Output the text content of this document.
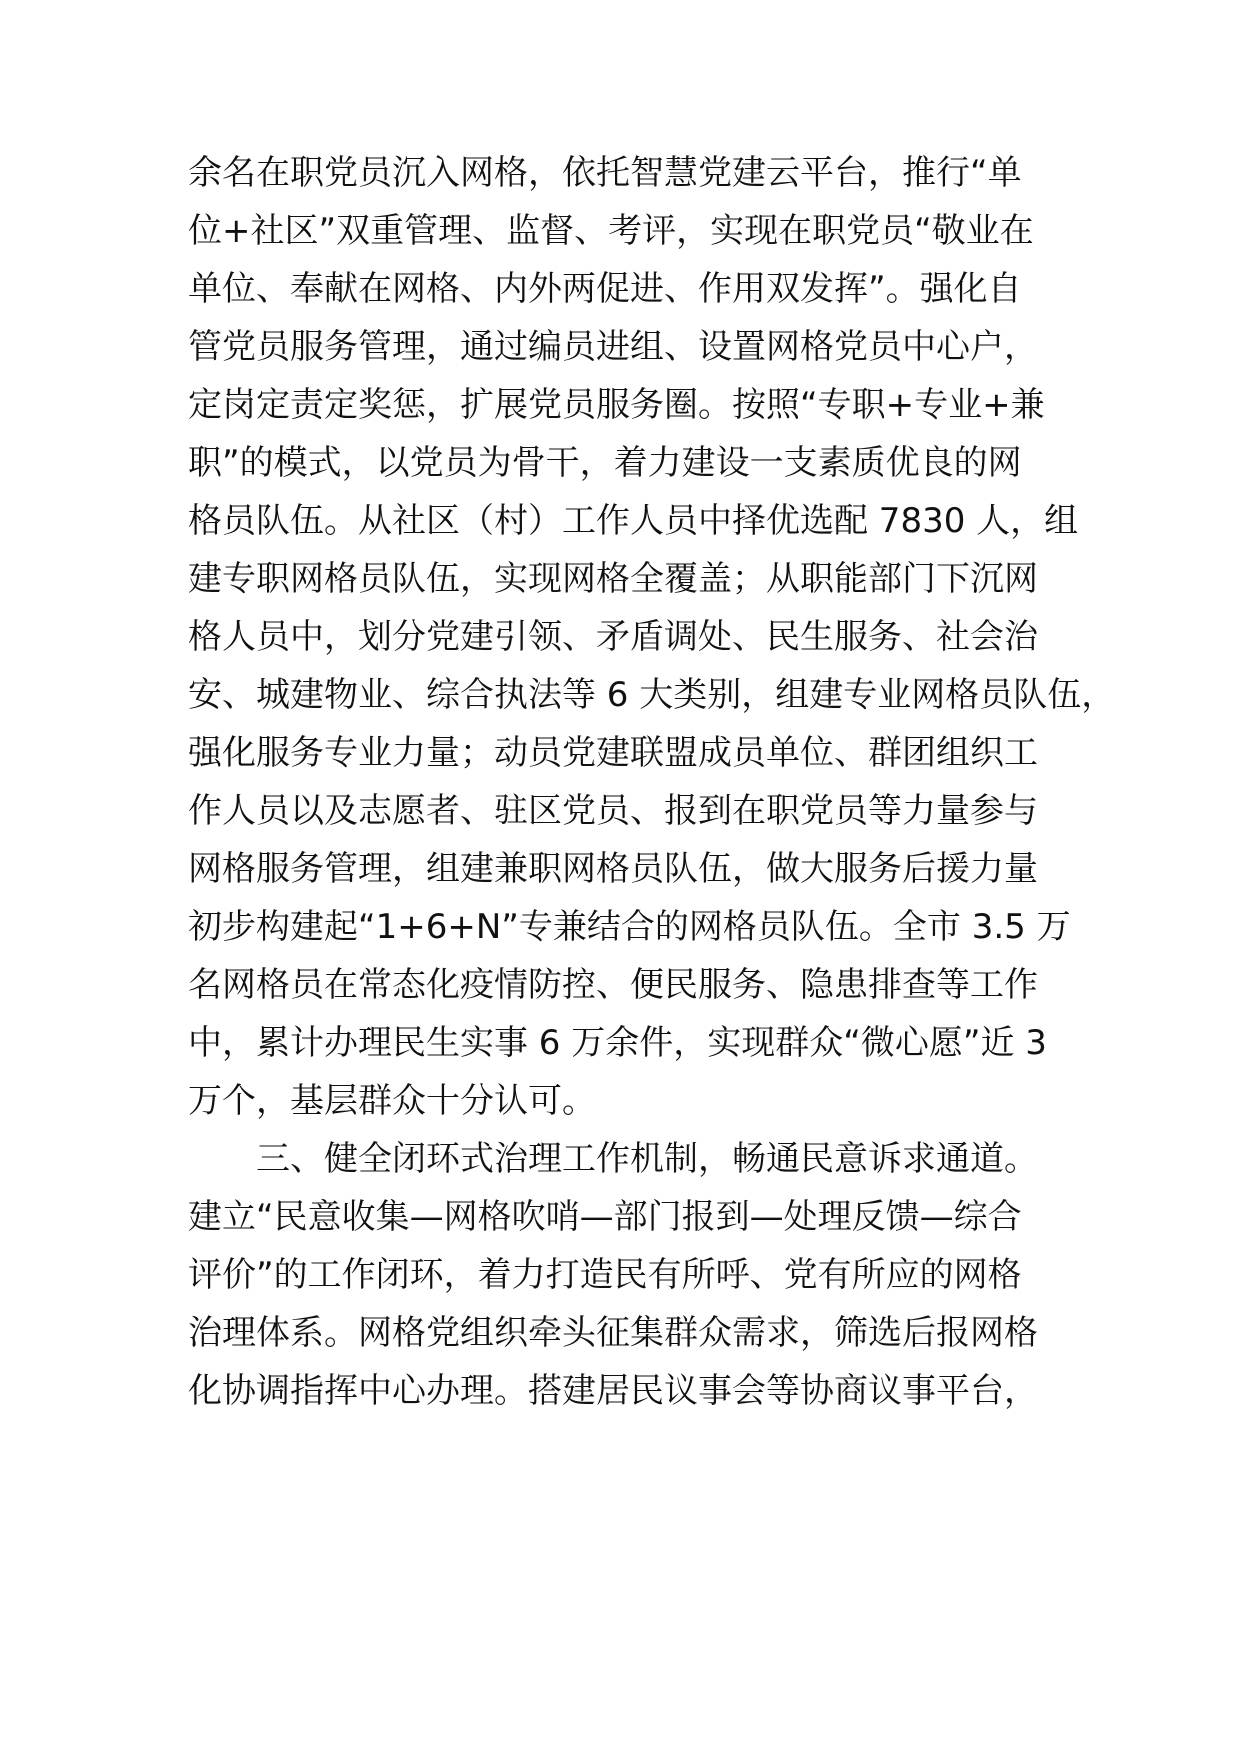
余名在职党员沉入网格，依托智慧党建云平台，推行“单
位+社区”双重管理、监督、考评，实现在职党员“敬业在
单位、奉献在网格、内外两促进、作用双发挥”。强化自
管党员服务管理，通过编员进组、设置网格党员中心户，
定岗定责定奖惩，扩展党员服务圈。按照“专职+专业+兼
职”的模式，以党员为骨干，着力建设一支素质优良的网
格员队伍。从社区（村）工作人员中择优选配 7830 人，组
建专职网格员队伍，实现网格全覆盖；从职能部门下沉网
格人员中，划分党建引领、矛盾调处、民生服务、社会治
安、城建物业、综合执法等 6 大类别，组建专业网格员队伍，
强化服务专业力量；动员党建联盟成员单位、群团组织工
作人员以及志愿者、驻区党员、报到在职党员等力量参与
网格服务管理，组建兼职网格员队伍，做大服务后援力量
初步构建起“1+6+N”专兼结合的网格员队伍。全市 3.5 万
名网格员在常态化疫情防控、便民服务、隐患排查等工作
中，累计办理民生实事 6 万余件，实现群众“微心愿”近 3
万个，基层群众十分认可。
三、健全闭环式治理工作机制，畅通民意诉求通道。
建立“民意收集—网格吹哨—部门报到—处理反馈—综合
评价”的工作闭环，着力打造民有所呼、党有所应的网格
治理体系。网格党组织牵头征集群众需求，筛选后报网格
化协调指挥中心办理。搭建居民议事会等协商议事平台，
